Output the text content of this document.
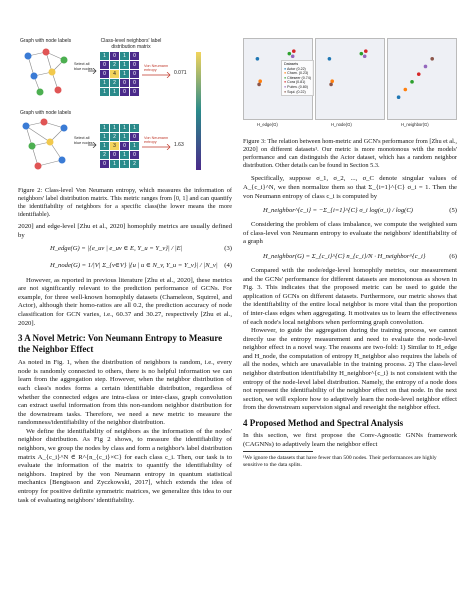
Graph with node labels	Class-level neighbors' label distribution matrix
Select all blue nodes
1	0	1	0
0	2	1	0
0	4	1	0
1	2	0	0
1	1	0	0
Von Neumann entropy	0.071
Graph with node labels
Select all blue nodes
1	1	1	1
1	2	1	0
1	3	0	1
2	0	1	0
0	1	1	2
Von Neumann entropy	1.63

Figure 2: Class-level Von Neumann entropy, which measures the information of neighbors' label distribution matrix. This metric ranges from [0, 1] and can quantify the identifiability of neighbors for a specific class(the lower means the more identifiable).

2020] and edge-level [Zhu et al., 2020] homophily metrics are usually defined by

H_edge(G) = |{e_uv | e_uv ∈ E, Y_u = Y_v}| / |E|	(3)
H_node(G) = 1/|V| Σ_{v∈V} |{u | u ∈ N_v, Y_u = Y_v}| / |N_v| (4)

However, as reported in previous literature [Zhu et al., 2020], these metrics are not significantly relevant to the prediction performance of GCNs. For example, for three well-known homophily datasets (Chameleon, Squirrel, and Actor), although their homo-ratios are all 0.2, the prediction accuracy of node classification for GCN varies, i.e., 60.37 and 30.27, respectively [Zhu et al., 2020].

3 A Novel Metric: Von Neumann Entropy to Measure the Neighbor Effect

As noted in Fig. 1, when the distribution of neighbors is random, i.e., every node is randomly connected to others, there is no helpful information we can learn from the aggregation step. However, when the neighbor distribution of each class's nodes forms a certain identifiable distribution, regardless of whether the connected edges are intra-class or inter-class, graph convolution can extract useful information from this non-random neighbor distribution for the downstream tasks. Therefore, we need a new metric to measure the randomness/identifiability of the neighbor distribution.

We define the identifiability of neighbors as the information of the nodes' neighbor distribution. As Fig 2 shows, to measure the identifiability of neighbors, we group the nodes by class and form a neighbor's label distribution matrix A_{c_i}^N ∈ R^{n_{c_i}×C} for each class c_i. Then, our task is to evaluate the information of the matrix to quantify the identifiability of neighbors. Inspired by the von Neumann entropy in quantum statistical mechanics [Bengtsson and Zyczkowski, 2017], which extends the idea of entropy for positive definite symmetric matrices, we generalize this idea to our task of evaluating neighbors' identifiability.

Datasets
● Actor (0.22)
● Cham. (0.23)
● Citeseer (0.74)
● Cora (0.81)
● Pubm. (0.80)
● Squi. (0.22)
H_edge(G)	H_node(G)	H_neighbor(G)

Figure 3: The relation between hom-metric and GCN's performance from [Zhu et al., 2020] on different datasets¹. Our metric is more monotonous with the models' performance and can distinguish the Actor dataset, which has a random neighbor distribution. Other details can be found in Section 5.3.

Specifically, suppose σ_1, σ_2, ..., σ_C denote singular values of A_{c_i}^N, we then normalize them so that Σ_{i=1}^{C} σ_i = 1. Then the von Neumann entropy of class c_i is computed by

H_neighbor^{c_i} = −Σ_{i=1}^{C} σ_i log(σ_i) / log(C)	(5)

Considering the problem of class imbalance, we compute the weighted sum of class-level von Neumann entropy to evaluate the neighbors' identifiability of a graph

H_neighbor(G) = Σ_{c_i}^{C} n_{c_i}/N · H_neighbor^{c_i}	(6)

Compared with the node/edge-level homophily metrics, our measurement and the GCNs' performance for different datasets are monotonous as shown in Fig. 3. This indicates that the proposed metric can be used to guide the application of GCNs on different datasets. Furthermore, our metric shows that the identifiability of the entire local neighbor is more vital than the proportion of inter-class edges when aggregating. It motivates us to learn the effectiveness of each node's local neighbors when performing graph convolution.

However, to guide the aggregation during the training process, we cannot directly use the entropy measurement and need to evaluate the node-level neighbor effect in a novel way. The reasons are two-fold: 1) Similar to H_edge and H_node, the computation of entropy H_neighbor also requires the labels of all the nodes, which are unavailable in the training process. 2) The class-level neighbor distribution identifiability H_neighbor^{c_i} is not consistent with the entropy of the node-level label distribution. Namely, the entropy of a node does not represent the identifiability of the neighbor effect on that node. In the next section, we will explore how to adaptively learn the node-level neighbor effect from the downstream supervision signal and reweight the neighbor effect.

4 Proposed Method and Spectral Analysis

In this section, we first propose the Conv-Agnostic GNNs framework (CAGNNs) to adaptively learn the neighbor effect

¹We ignore the datasets that have fewer than 500 nodes. Their performances are highly sensitive to the data splits.
